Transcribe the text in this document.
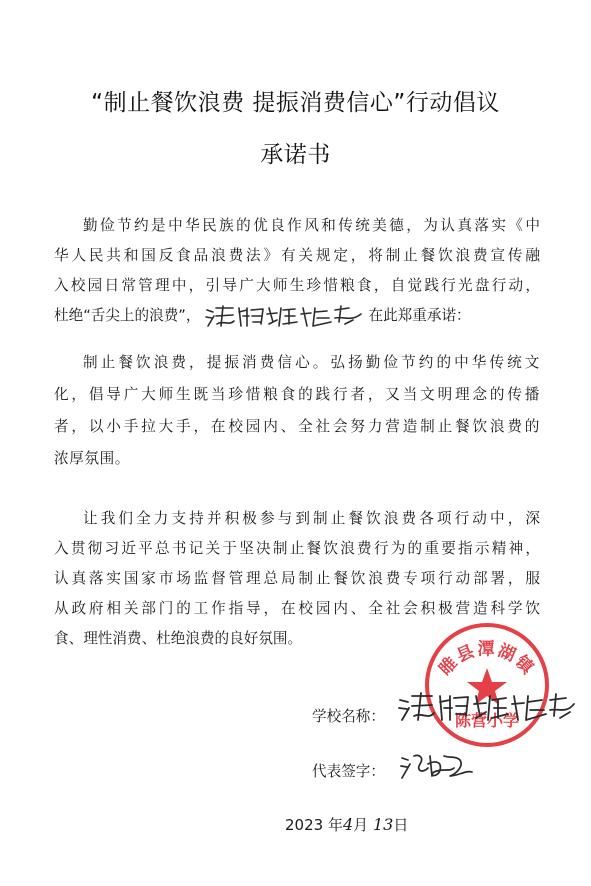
“制止餐饮浪费 提振消费信心”行动倡议
承诺书
勤俭节约是中华民族的优良作风和传统美德，为认真落实《中
华人民共和国反食品浪费法》有关规定，将制止餐饮浪费宣传融
入校园日常管理中，引导广大师生珍惜粮食，自觉践行光盘行动，
杜绝“舌尖上的浪费”，	在此郑重承诺：
制止餐饮浪费，提振消费信心。弘扬勤俭节约的中华传统文
化，倡导广大师生既当珍惜粮食的践行者，又当文明理念的传播
者，以小手拉大手，在校园内、全社会努力营造制止餐饮浪费的
浓厚氛围。
让我们全力支持并积极参与到制止餐饮浪费各项行动中，深
入贯彻习近平总书记关于坚决制止餐饮浪费行为的重要指示精神，
认真落实国家市场监督管理总局制止餐饮浪费专项行动部署，服
从政府相关部门的工作指导，在校园内、全社会积极营造科学饮
食、理性消费、杜绝浪费的良好氛围。
睢县潭湖镇
陈营小学
学校名称：
代表签字：
2023 年4月 13日
